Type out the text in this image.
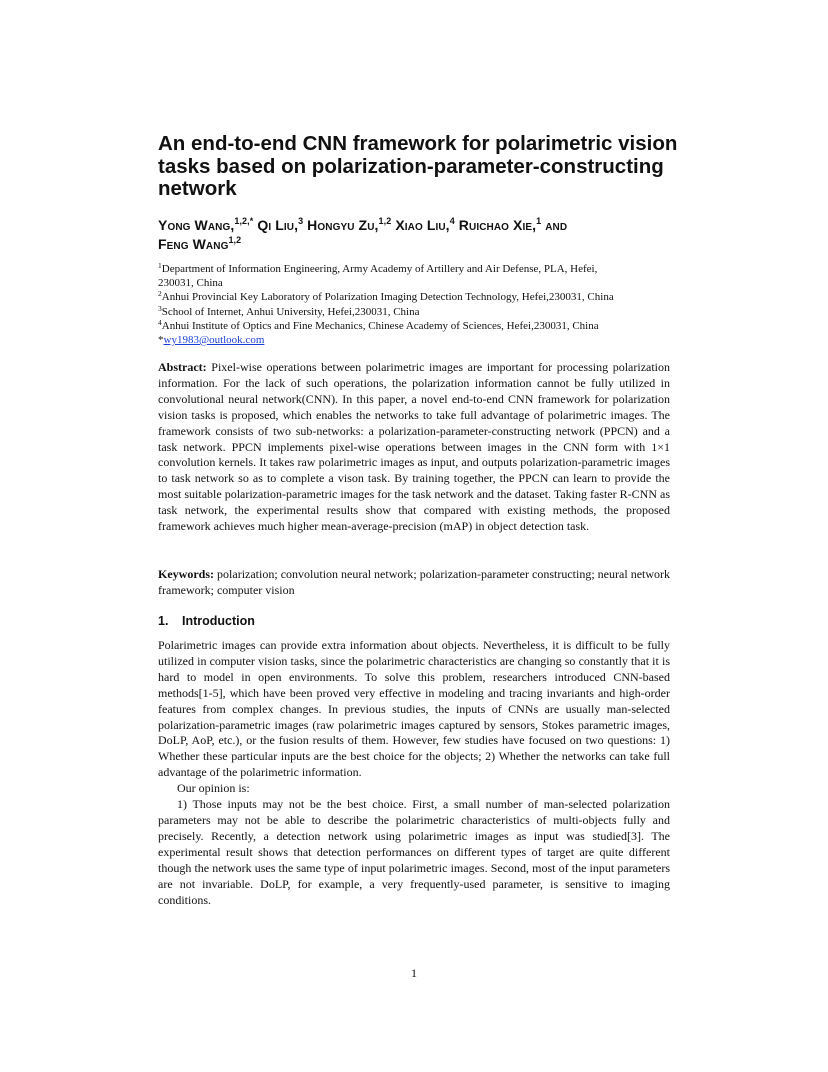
An end-to-end CNN framework for polarimetric vision tasks based on polarization-parameter-constructing network
Yong Wang,$^{1,2,*}$ Qi Liu,$^3$ Hongyu Zu,$^{1,2}$ Xiao Liu,$^4$ Ruichao Xie,$^1$ and
Feng Wang$^{1,2}$
$^1$Department of Information Engineering, Army Academy of Artillery and Air Defense, PLA, Hefei,
230031, China
$^2$Anhui Provincial Key Laboratory of Polarization Imaging Detection Technology, Hefei,230031, China
$^3$School of Internet, Anhui University, Hefei,230031, China
$^4$Anhui Institute of Optics and Fine Mechanics, Chinese Academy of Sciences, Hefei,230031, China
*wy1983@outlook.com

Abstract: Pixel-wise operations between polarimetric images are important for processing polarization information. For the lack of such operations, the polarization information cannot be fully utilized in convolutional neural network(CNN). In this paper, a novel end-to-end CNN framework for polarization vision tasks is proposed, which enables the networks to take full advantage of polarimetric images. The framework consists of two sub-networks: a polarization-parameter-constructing network (PPCN) and a task network. PPCN implements pixel-wise operations between images in the CNN form with 1×1 convolution kernels. It takes raw polarimetric images as input, and outputs polarization-parametric images to task network so as to complete a vison task. By training together, the PPCN can learn to provide the most suitable polarization-parametric images for the task network and the dataset. Taking faster R-CNN as task network, the experimental results show that compared with existing methods, the proposed framework achieves much higher mean-average-precision (mAP) in object detection task.

Keywords: polarization; convolution neural network; polarization-parameter constructing; neural network framework; computer vision

1. Introduction

Polarimetric images can provide extra information about objects. Nevertheless, it is difficult to be fully utilized in computer vision tasks, since the polarimetric characteristics are changing so constantly that it is hard to model in open environments. To solve this problem, researchers introduced CNN-based methods[1-5], which have been proved very effective in modeling and tracing invariants and high-order features from complex changes. In previous studies, the inputs of CNNs are usually man-selected polarization-parametric images (raw polarimetric images captured by sensors, Stokes parametric images, DoLP, AoP, etc.), or the fusion results of them. However, few studies have focused on two questions: 1) Whether these particular inputs are the best choice for the objects; 2) Whether the networks can take full advantage of the polarimetric information.

Our opinion is:

1) Those inputs may not be the best choice. First, a small number of man-selected polarization parameters may not be able to describe the polarimetric characteristics of multi-objects fully and precisely. Recently, a detection network using polarimetric images as input was studied[3]. The experimental result shows that detection performances on different types of target are quite different though the network uses the same type of input polarimetric images. Second, most of the input parameters are not invariable. DoLP, for example, a very frequently-used parameter, is sensitive to imaging conditions.

1
